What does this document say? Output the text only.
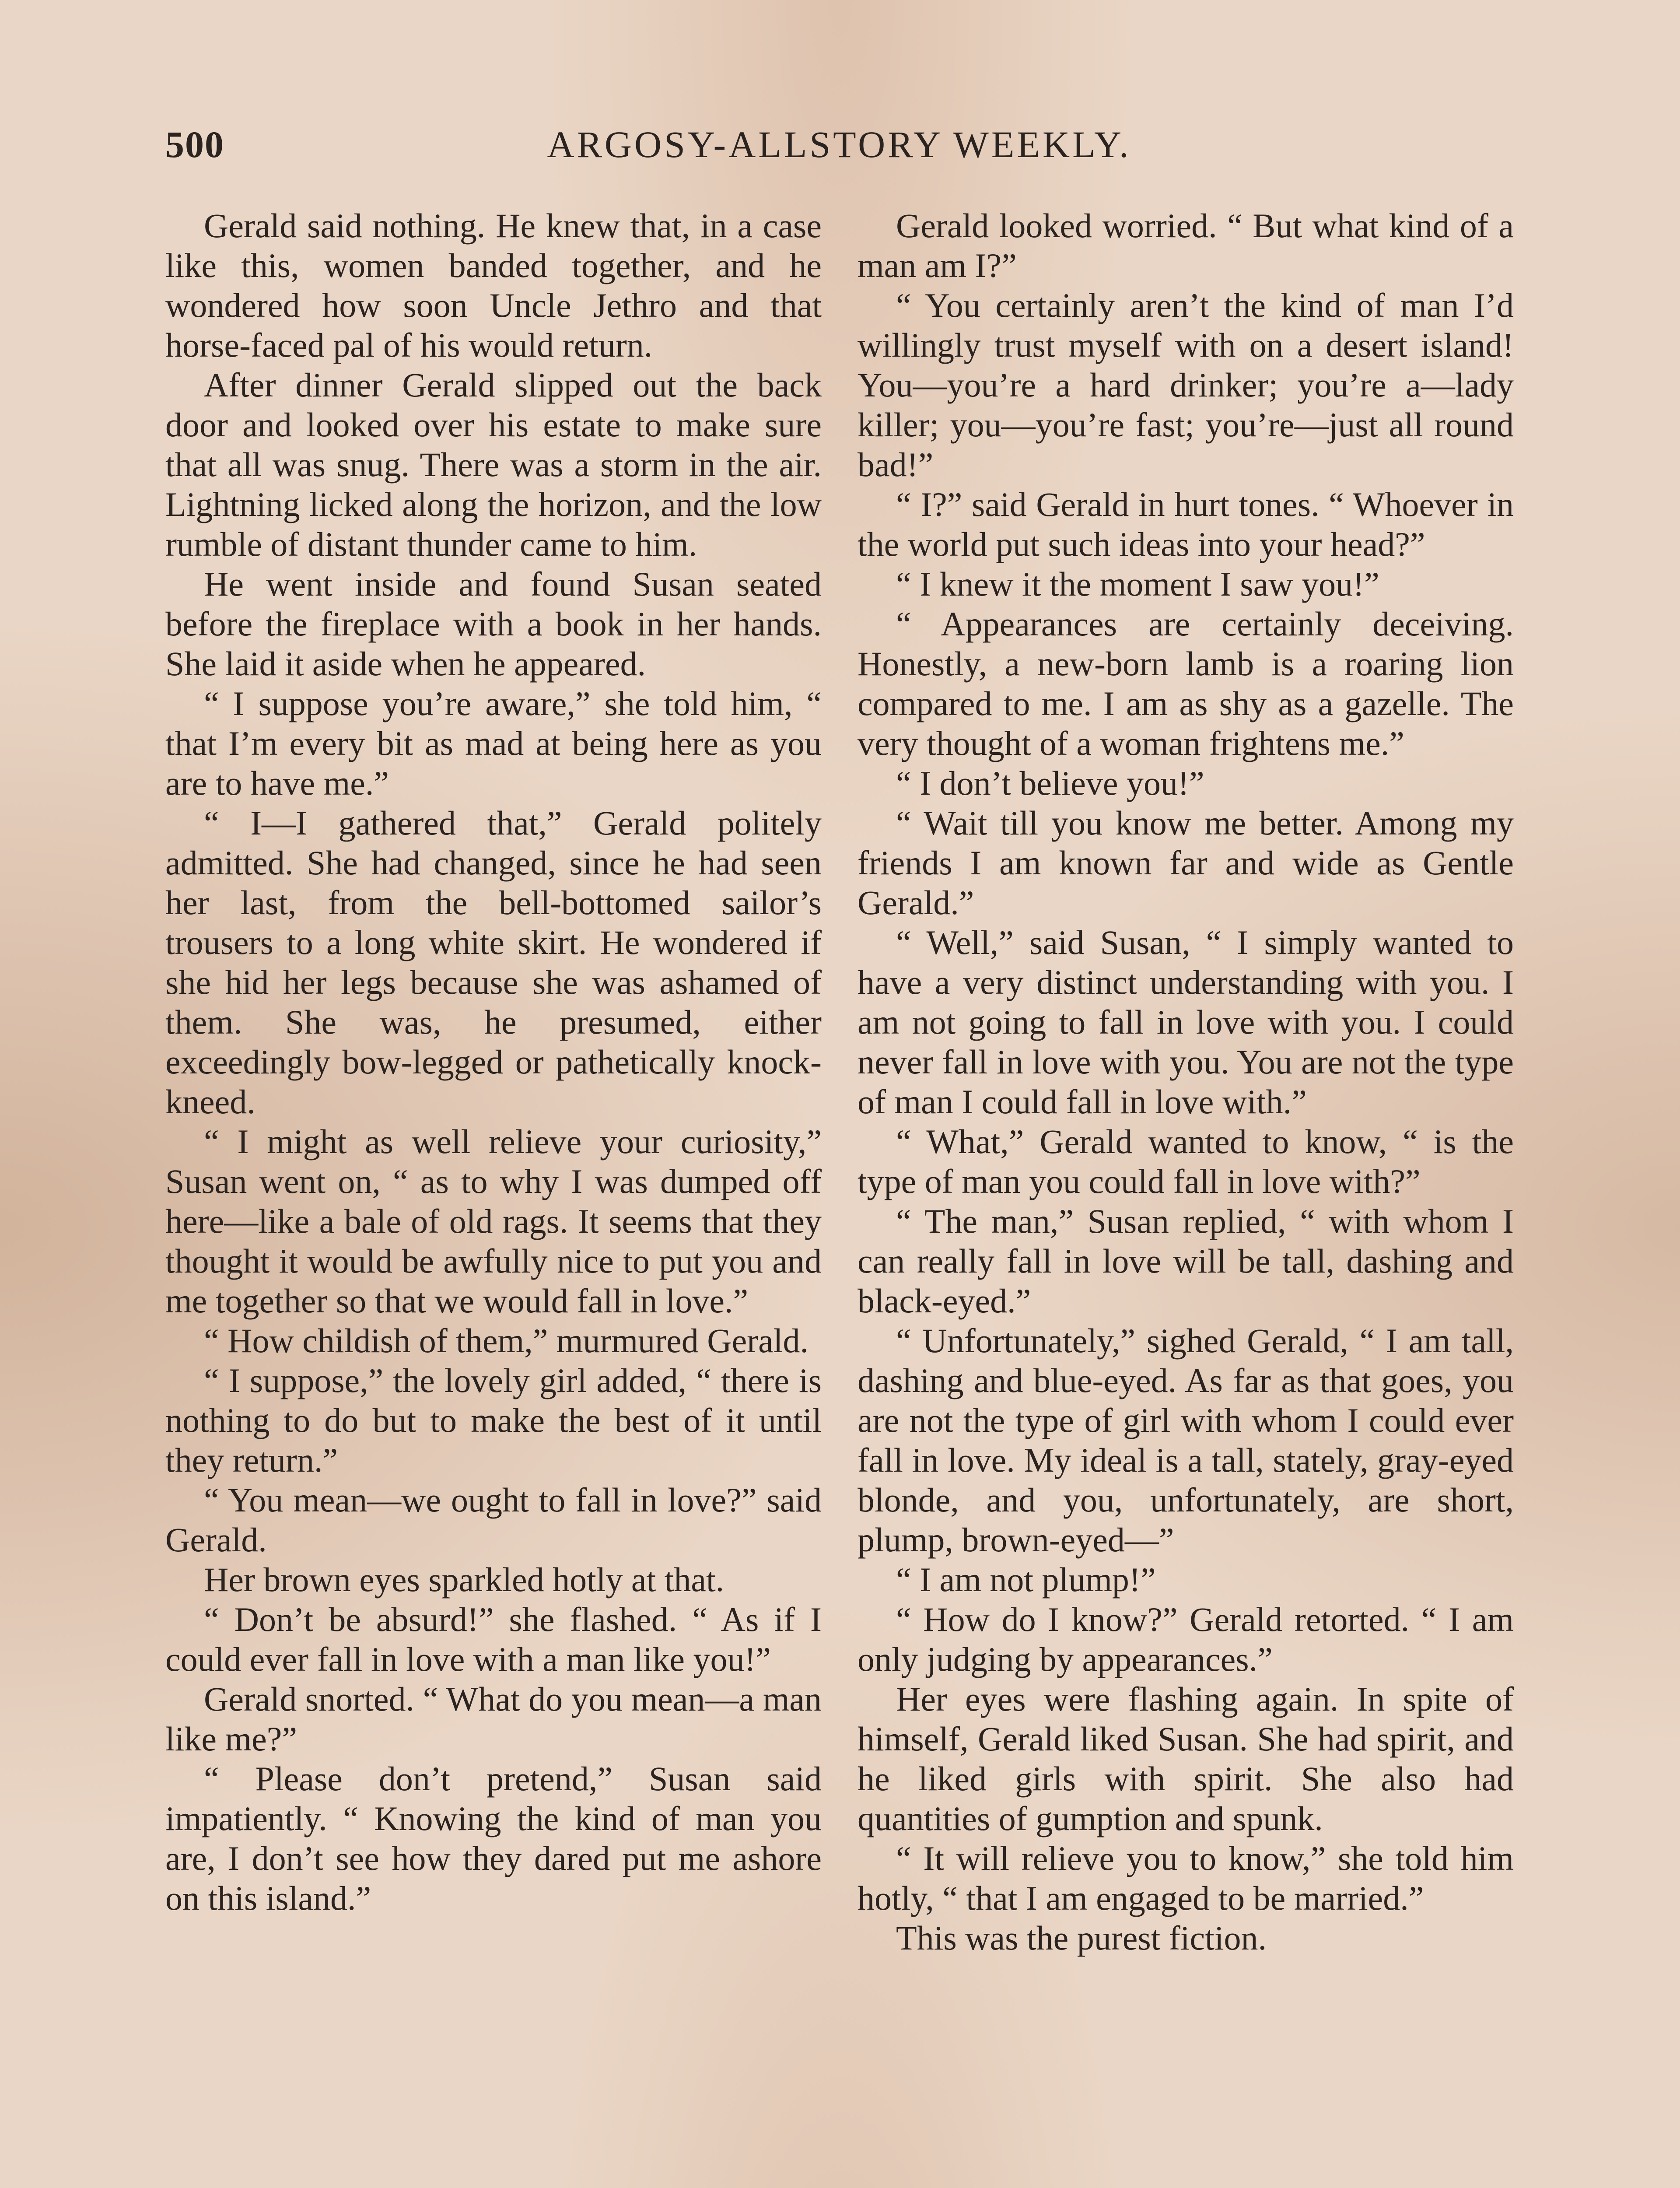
500	ARGOSY-ALLSTORY WEEKLY.

Gerald said nothing. He knew that, in a case like this, women banded together, and he wondered how soon Uncle Jethro and that horse-faced pal of his would return.

After dinner Gerald slipped out the back door and looked over his estate to make sure that all was snug. There was a storm in the air. Lightning licked along the horizon, and the low rumble of distant thunder came to him.

He went inside and found Susan seated before the fireplace with a book in her hands. She laid it aside when he appeared.

“ I suppose you’re aware,” she told him, “ that I’m every bit as mad at being here as you are to have me.”

“ I—I gathered that,” Gerald politely admitted. She had changed, since he had seen her last, from the bell-bottomed sailor’s trousers to a long white skirt. He wondered if she hid her legs because she was ashamed of them. She was, he presumed, either exceedingly bow-legged or pathetically knock-kneed.

“ I might as well relieve your curiosity,” Susan went on, “ as to why I was dumped off here—like a bale of old rags. It seems that they thought it would be awfully nice to put you and me together so that we would fall in love.”

“ How childish of them,” murmured Gerald.

“ I suppose,” the lovely girl added, “ there is nothing to do but to make the best of it until they return.”

“ You mean—we ought to fall in love?” said Gerald.

Her brown eyes sparkled hotly at that.

“ Don’t be absurd!” she flashed. “ As if I could ever fall in love with a man like you!”

Gerald snorted. “ What do you mean—a man like me?”

“ Please don’t pretend,” Susan said impatiently. “ Knowing the kind of man you are, I don’t see how they dared put me ashore on this island.”

Gerald looked worried. “ But what kind of a man am I?”

“ You certainly aren’t the kind of man I’d willingly trust myself with on a desert island! You—you’re a hard drinker; you’re a—lady killer; you—you’re fast; you’re—just all round bad!”

“ I?” said Gerald in hurt tones. “ Whoever in the world put such ideas into your head?”

“ I knew it the moment I saw you!”

“ Appearances are certainly deceiving. Honestly, a new-born lamb is a roaring lion compared to me. I am as shy as a gazelle. The very thought of a woman frightens me.”

“ I don’t believe you!”

“ Wait till you know me better. Among my friends I am known far and wide as Gentle Gerald.”

“ Well,” said Susan, “ I simply wanted to have a very distinct understanding with you. I am not going to fall in love with you. I could never fall in love with you. You are not the type of man I could fall in love with.”

“ What,” Gerald wanted to know, “ is the type of man you could fall in love with?”

“ The man,” Susan replied, “ with whom I can really fall in love will be tall, dashing and black-eyed.”

“ Unfortunately,” sighed Gerald, “ I am tall, dashing and blue-eyed. As far as that goes, you are not the type of girl with whom I could ever fall in love. My ideal is a tall, stately, gray-eyed blonde, and you, unfortunately, are short, plump, brown-eyed—”

“ I am not plump!”

“ How do I know?” Gerald retorted. “ I am only judging by appearances.”

Her eyes were flashing again. In spite of himself, Gerald liked Susan. She had spirit, and he liked girls with spirit. She also had quantities of gumption and spunk.

“ It will relieve you to know,” she told him hotly, “ that I am engaged to be married.”

This was the purest fiction.
